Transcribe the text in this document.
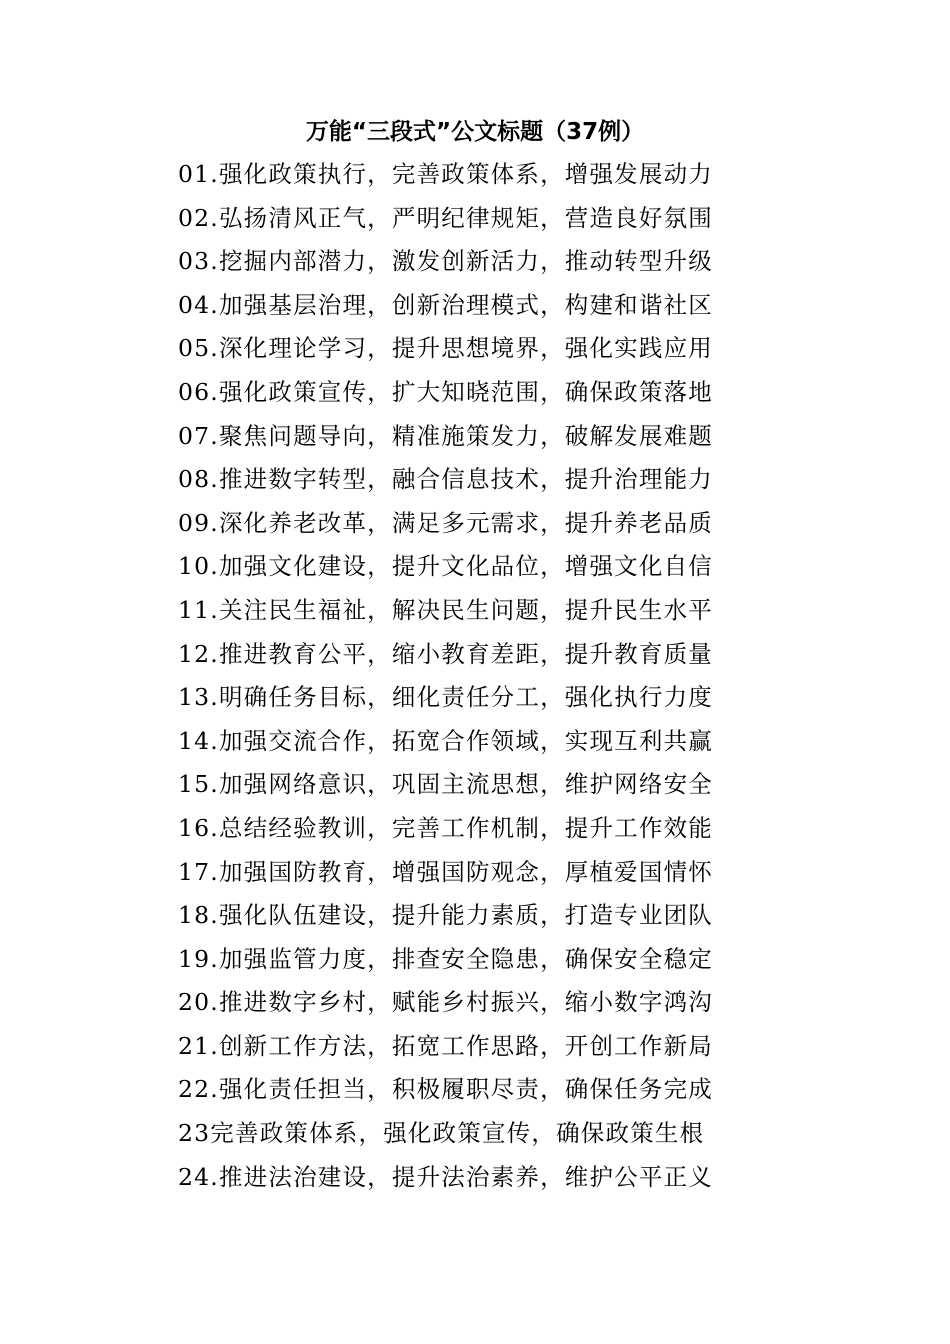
万能“三段式”公文标题（37例）
01.强化政策执行，完善政策体系，增强发展动力
02.弘扬清风正气，严明纪律规矩，营造良好氛围
03.挖掘内部潜力，激发创新活力，推动转型升级
04.加强基层治理，创新治理模式，构建和谐社区
05.深化理论学习，提升思想境界，强化实践应用
06.强化政策宣传，扩大知晓范围，确保政策落地
07.聚焦问题导向，精准施策发力，破解发展难题
08.推进数字转型，融合信息技术，提升治理能力
09.深化养老改革，满足多元需求，提升养老品质
10.加强文化建设，提升文化品位，增强文化自信
11.关注民生福祉，解决民生问题，提升民生水平
12.推进教育公平，缩小教育差距，提升教育质量
13.明确任务目标，细化责任分工，强化执行力度
14.加强交流合作，拓宽合作领域，实现互利共赢
15.加强网络意识，巩固主流思想，维护网络安全
16.总结经验教训，完善工作机制，提升工作效能
17.加强国防教育，增强国防观念，厚植爱国情怀
18.强化队伍建设，提升能力素质，打造专业团队
19.加强监管力度，排查安全隐患，确保安全稳定
20.推进数字乡村，赋能乡村振兴，缩小数字鸿沟
21.创新工作方法，拓宽工作思路，开创工作新局
22.强化责任担当，积极履职尽责，确保任务完成
23完善政策体系，强化政策宣传，确保政策生根
24.推进法治建设，提升法治素养，维护公平正义
